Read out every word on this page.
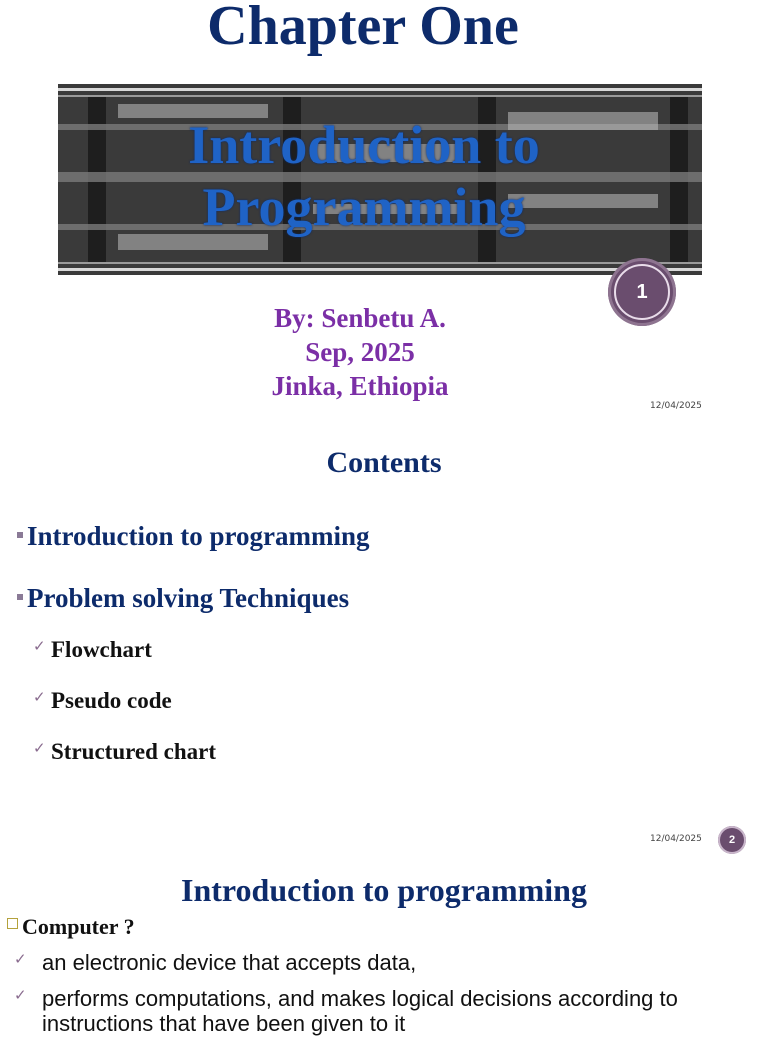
Chapter One
Introduction to
Programming
1
By: Senbetu A.
Sep, 2025
Jinka, Ethiopia
12/04/2025
Contents
Introduction to programming
Problem solving Techniques
✓ Flowchart
✓ Pseudo code
✓ Structured chart
12/04/2025	2
Introduction to programming
Computer ?
✓ an electronic device that accepts data,
✓ performs computations, and makes logical decisions according to
instructions that have been given to it
